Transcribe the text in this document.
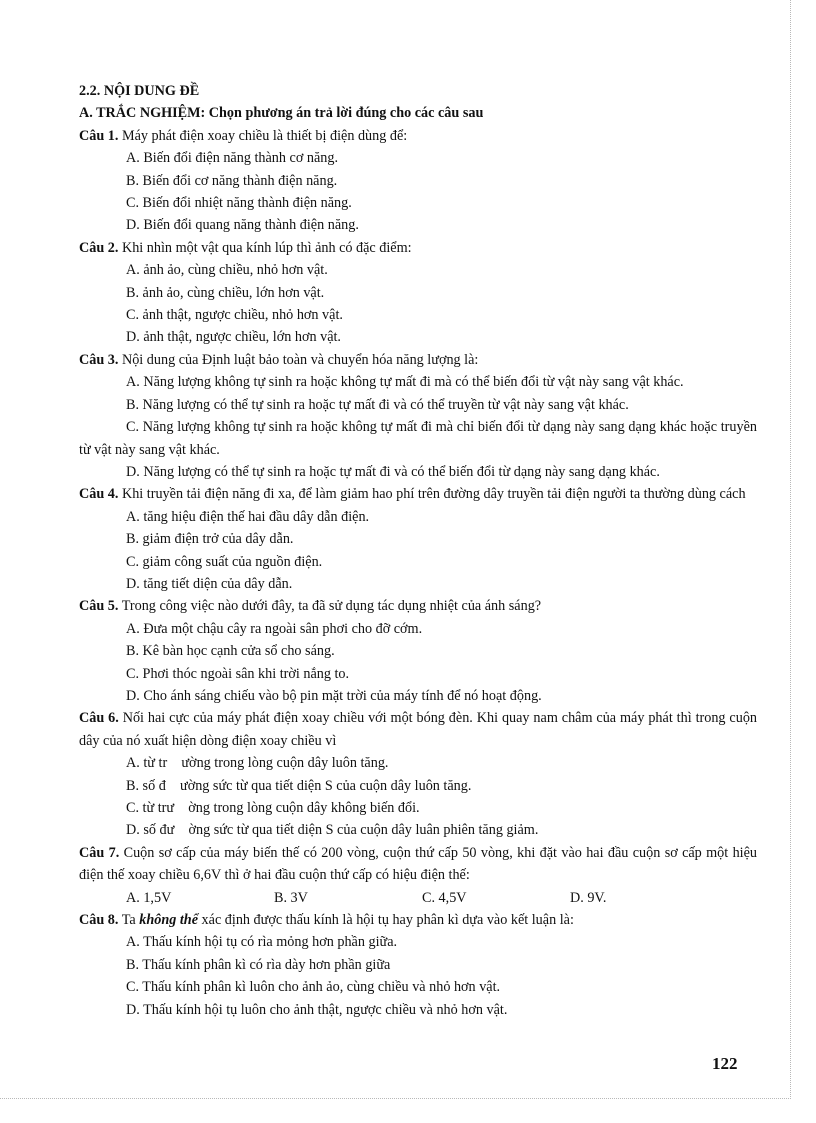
2.2. NỘI DUNG ĐỀ
A. TRẮC NGHIỆM: Chọn phương án trả lời đúng cho các câu sau
Câu 1. Máy phát điện xoay chiều là thiết bị điện dùng để:
A. Biến đổi điện năng thành cơ năng.
B. Biến đổi cơ năng thành điện năng.
C. Biến đổi nhiệt năng thành điện năng.
D. Biến đổi quang năng thành điện năng.
Câu 2. Khi nhìn một vật qua kính lúp thì ảnh có đặc điểm:
A. ảnh ảo, cùng chiều, nhỏ hơn vật.
B. ảnh ảo, cùng chiều, lớn hơn vật.
C. ảnh thật, ngược chiều, nhỏ hơn vật.
D. ảnh thật, ngược chiều, lớn hơn vật.
Câu 3. Nội dung của Định luật bảo toàn và chuyển hóa năng lượng là:
A. Năng lượng không tự sinh ra hoặc không tự mất đi mà có thể biến đổi từ vật này sang vật khác.
B. Năng lượng có thể tự sinh ra hoặc tự mất đi và có thể truyền từ vật này sang vật khác.
C. Năng lượng không tự sinh ra hoặc không tự mất đi mà chỉ biến đổi từ dạng này sang dạng khác hoặc truyền từ vật này sang vật khác.
D. Năng lượng có thể tự sinh ra hoặc tự mất đi và có thể biến đổi từ dạng này sang dạng khác.
Câu 4. Khi truyền tải điện năng đi xa, để làm giảm hao phí trên đường dây truyền tải điện người ta thường dùng cách
A. tăng hiệu điện thế hai đầu dây dẫn điện.
B. giảm điện trở của dây dẫn.
C. giảm công suất của nguồn điện.
D. tăng tiết diện của dây dẫn.
Câu 5. Trong công việc nào dưới đây, ta đã sử dụng tác dụng nhiệt của ánh sáng?
A. Đưa một chậu cây ra ngoài sân phơi cho đỡ cớm.
B. Kê bàn học cạnh cửa sổ cho sáng.
C. Phơi thóc ngoài sân khi trời nắng to.
D. Cho ánh sáng chiếu vào bộ pin mặt trời của máy tính để nó hoạt động.
Câu 6. Nối hai cực của máy phát điện xoay chiều với một bóng đèn. Khi quay nam châm của máy phát thì trong cuộn dây của nó xuất hiện dòng điện xoay chiều vì
A. từ tr    ường trong lòng cuộn dây luôn tăng.
B. số đ    ường sức từ qua tiết diện S của cuộn dây luôn tăng.
C. từ trư    ờng trong lòng cuộn dây không biến đổi.
D. số đư    ờng sức từ qua tiết diện S của cuộn dây luân phiên tăng giảm.
Câu 7. Cuộn sơ cấp của máy biến thế có 200 vòng, cuộn thứ cấp 50 vòng, khi đặt vào hai đầu cuộn sơ cấp một hiệu điện thế xoay chiều 6,6V thì ở hai đầu cuộn thứ cấp có hiệu điện thế:
A. 1,5V	B. 3V	C. 4,5V	D. 9V.
Câu 8. Ta không thể xác định được thấu kính là hội tụ hay phân kì dựa vào kết luận là:
A. Thấu kính hội tụ có rìa mỏng hơn phần giữa.
B. Thấu kính phân kì có rìa dày hơn phần giữa
C. Thấu kính phân kì luôn cho ảnh ảo, cùng chiều và nhỏ hơn vật.
D. Thấu kính hội tụ luôn cho ảnh thật, ngược chiều và nhỏ hơn vật.
122
